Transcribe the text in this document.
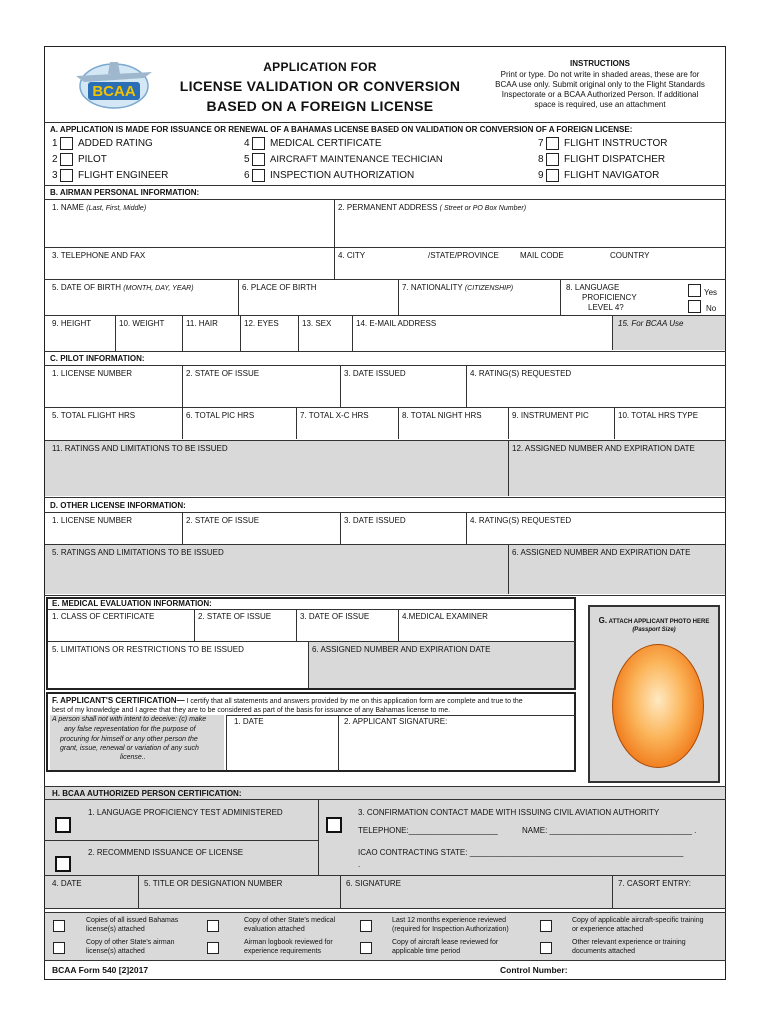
BCAA
APPLICATION FOR
LICENSE VALIDATION OR CONVERSION
BASED ON A FOREIGN LICENSE
INSTRUCTIONS
Print or type. Do not write in shaded areas, these are for
BCAA use only. Submit original only to the Flight Standards
Inspectorate or a BCAA Authorized Person. If additional
space is required, use an attachment
A. APPLICATION IS MADE FOR ISSUANCE OR RENEWAL OF A BAHAMAS LICENSE BASED ON VALIDATION OR CONVERSION OF A FOREIGN LICENSE:
1 ADDED RATING
2 PILOT
3 FLIGHT ENGINEER
4 MEDICAL CERTIFICATE
5 AIRCRAFT MAINTENANCE TECHICIAN
6 INSPECTION AUTHORIZATION
7 FLIGHT INSTRUCTOR
8 FLIGHT DISPATCHER
9 FLIGHT NAVIGATOR
B. AIRMAN PERSONAL INFORMATION:
1. NAME (Last, First, Middle)	2. PERMANENT ADDRESS ( Street or PO Box Number)
3. TELEPHONE AND FAX	4. CITY	/STATE/PROVINCE	MAIL CODE	COUNTRY
5. DATE OF BIRTH (MONTH, DAY, YEAR)	6. PLACE OF BIRTH	7. NATIONALITY (CITIZENSHIP)	8. LANGUAGE
PROFICIENCY
LEVEL 4?
Yes
No
9. HEIGHT	10. WEIGHT	11. HAIR	12. EYES	13. SEX	14. E-MAIL ADDRESS	15. For BCAA Use
C. PILOT INFORMATION:
1. LICENSE NUMBER	2. STATE OF ISSUE	3. DATE ISSUED	4. RATING(S) REQUESTED
5. TOTAL FLIGHT HRS	6. TOTAL PIC HRS	7. TOTAL X-C HRS	8. TOTAL NIGHT HRS	9. INSTRUMENT PIC	10. TOTAL HRS TYPE
11. RATINGS AND LIMITATIONS TO BE ISSUED	12. ASSIGNED NUMBER AND EXPIRATION DATE
D. OTHER LICENSE INFORMATION:
1. LICENSE NUMBER	2. STATE OF ISSUE	3. DATE ISSUED	4. RATING(S) REQUESTED
5. RATINGS AND LIMITATIONS TO BE ISSUED	6. ASSIGNED NUMBER AND EXPIRATION DATE
E. MEDICAL EVALUATION INFORMATION:
1. CLASS OF CERTIFICATE	2. STATE OF ISSUE	3. DATE OF ISSUE	4.MEDICAL EXAMINER
5. LIMITATIONS OR RESTRICTIONS TO BE ISSUED	6. ASSIGNED NUMBER AND EXPIRATION DATE
G. ATTACH APPLICANT PHOTO HERE
(Passport Size)
F. APPLICANT'S CERTIFICATION— I certify that all statements and answers provided by me on this application form are complete and true to the
best of my knowledge and I agree that they are to be considered as part of the basis for issuance of any Bahamas license to me.
A person shall not with intent to deceive: (c) make
any false representation for the purpose of
procuring for himself or any other person the
grant, issue, renewal or variation of any such
license..
1. DATE	2. APPLICANT SIGNATURE:
H. BCAA AUTHORIZED PERSON CERTIFICATION:
1. LANGUAGE PROFICIENCY TEST ADMINISTERED	3. CONFIRMATION CONTACT MADE WITH ISSUING CIVIL AVIATION AUTHORITY
TELEPHONE:____________________	NAME: ________________________________ .
2. RECOMMEND ISSUANCE OF LICENSE	ICAO CONTRACTING STATE: ________________________________________________
.
4. DATE	5. TITLE OR DESIGNATION NUMBER	6. SIGNATURE	7. CASORT ENTRY:
Copies of all issued Bahamas
license(s) attached
Copy of other State's medical
evaluation attached
Last 12 months experience reviewed
(required for Inspection Authorization)
Copy of applicable aircraft-specific training
or experience attached
Copy of other State's airman
license(s) attached
Airman logbook reviewed for
experience requirements
Copy of aircraft lease reviewed for
applicable time period
Other relevant experience or training
documents attached
BCAA Form 540 [2]2017	Control Number:
